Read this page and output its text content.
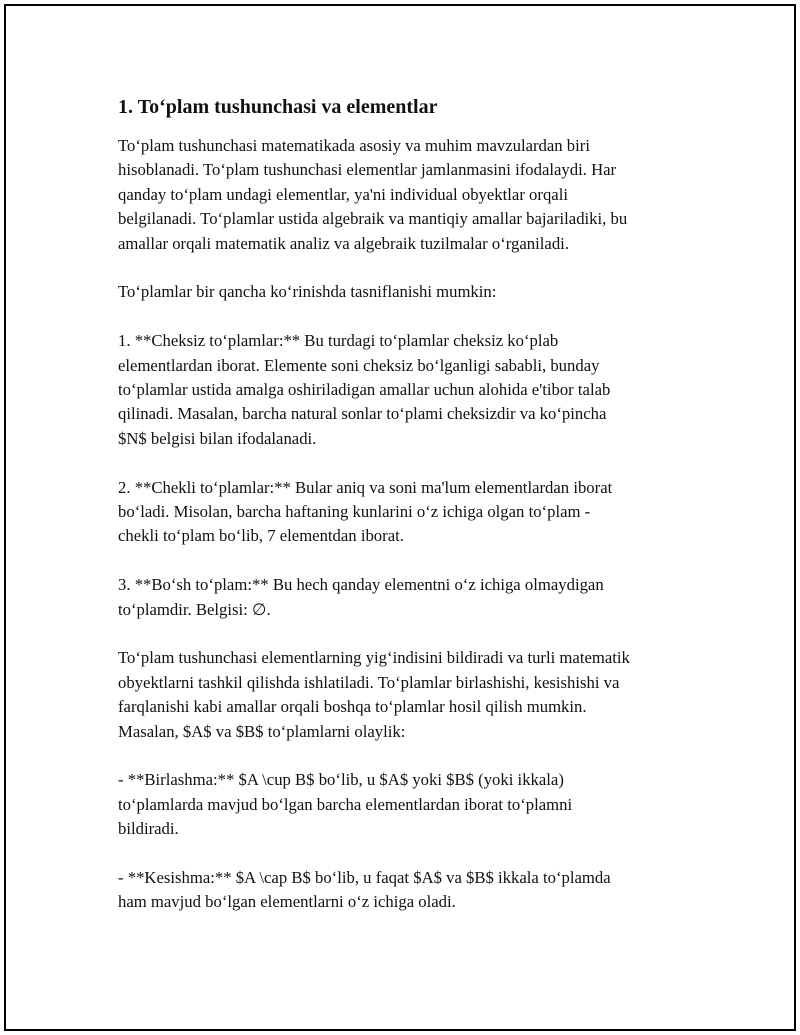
1. To‘plam tushunchasi va elementlar
To‘plam tushunchasi matematikada asosiy va muhim mavzulardan biri
hisoblanadi. To‘plam tushunchasi elementlar jamlanmasini ifodalaydi. Har
qanday to‘plam undagi elementlar, ya'ni individual obyektlar orqali
belgilanadi. To‘plamlar ustida algebraik va mantiqiy amallar bajariladiki, bu
amallar orqali matematik analiz va algebraik tuzilmalar o‘rganiladi.
To‘plamlar bir qancha ko‘rinishda tasniflanishi mumkin:
1. **Cheksiz to‘plamlar:** Bu turdagi to‘plamlar cheksiz ko‘plab
elementlardan iborat. Elemente soni cheksiz bo‘lganligi sababli, bunday
to‘plamlar ustida amalga oshiriladigan amallar uchun alohida e'tibor talab
qilinadi. Masalan, barcha natural sonlar to‘plami cheksizdir va ko‘pincha
$N$ belgisi bilan ifodalanadi.
2. **Chekli to‘plamlar:** Bular aniq va soni ma'lum elementlardan iborat
bo‘ladi. Misolan, barcha haftaning kunlarini o‘z ichiga olgan to‘plam -
chekli to‘plam bo‘lib, 7 elementdan iborat.
3. **Bo‘sh to‘plam:** Bu hech qanday elementni o‘z ichiga olmaydigan
to‘plamdir. Belgisi: ∅.
To‘plam tushunchasi elementlarning yig‘indisini bildiradi va turli matematik
obyektlarni tashkil qilishda ishlatiladi. To‘plamlar birlashishi, kesishishi va
farqlanishi kabi amallar orqali boshqa to‘plamlar hosil qilish mumkin.
Masalan, $A$ va $B$ to‘plamlarni olaylik:
- **Birlashma:** $A \cup B$ bo‘lib, u $A$ yoki $B$ (yoki ikkala)
to‘plamlarda mavjud bo‘lgan barcha elementlardan iborat to‘plamni
bildiradi.
- **Kesishma:** $A \cap B$ bo‘lib, u faqat $A$ va $B$ ikkala to‘plamda
ham mavjud bo‘lgan elementlarni o‘z ichiga oladi.
